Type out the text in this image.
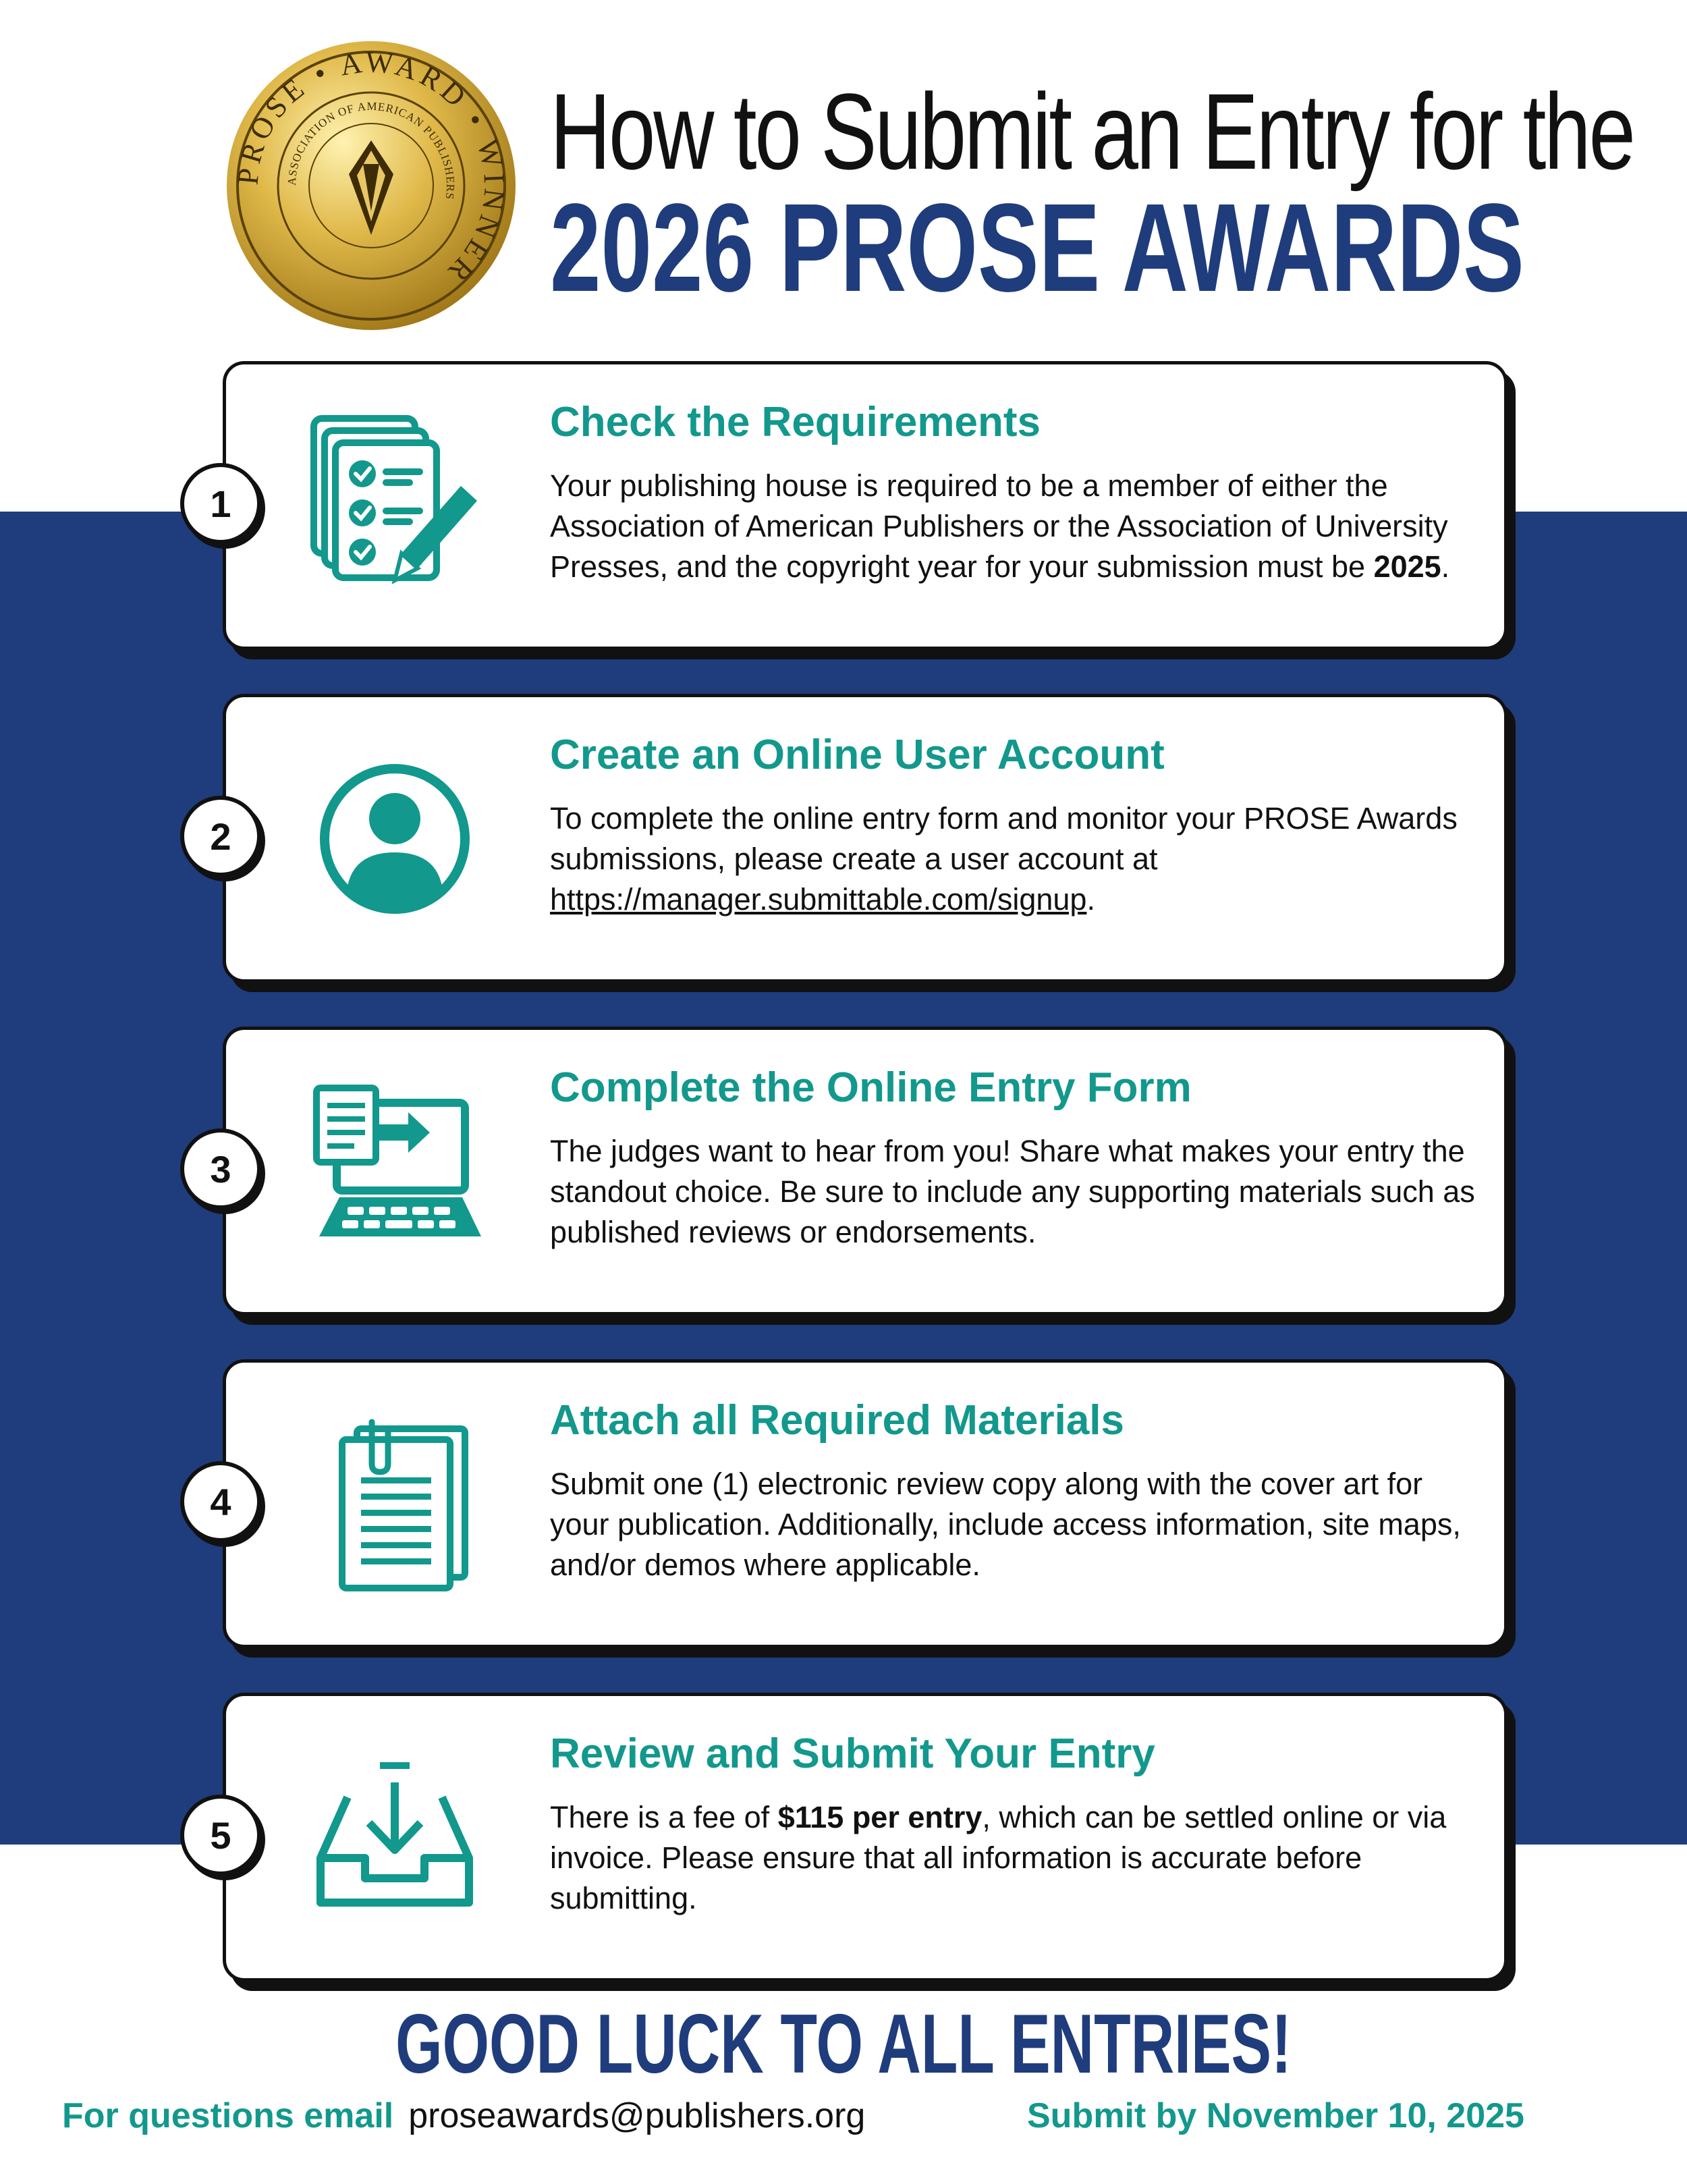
PROSE • AWARD • WINNER
ASSOCIATION OF AMERICAN PUBLISHERS
How to Submit an Entry for the
2026 PROSE AWARDS
1
Check the Requirements
Your publishing house is required to be a member of either the Association of American Publishers or the Association of University Presses, and the copyright year for your submission must be 2025.
2
Create an Online User Account
To complete the online entry form and monitor your PROSE Awards submissions, please create a user account at https://manager.submittable.com/signup.
3
Complete the Online Entry Form
The judges want to hear from you! Share what makes your entry the standout choice. Be sure to include any supporting materials such as published reviews or endorsements.
4
Attach all Required Materials
Submit one (1) electronic review copy along with the cover art for your publication. Additionally, include access information, site maps, and/or demos where applicable.
5
Review and Submit Your Entry
There is a fee of $115 per entry, which can be settled online or via invoice. Please ensure that all information is accurate before submitting.
GOOD LUCK TO ALL ENTRIES!
For questions email proseawards@publishers.org	Submit by November 10, 2025
